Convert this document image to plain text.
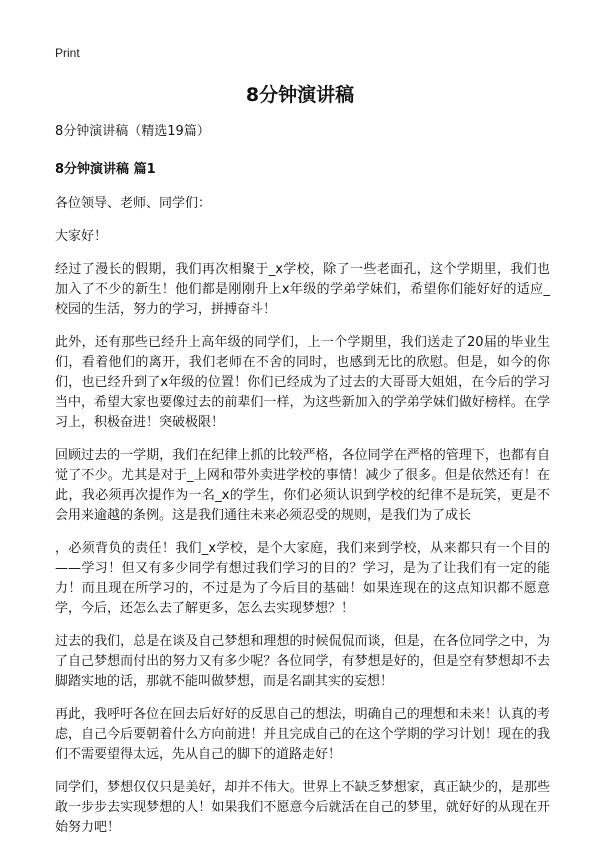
Print
8分钟演讲稿
8分钟演讲稿（精选19篇）
8分钟演讲稿 篇1

各位领导、老师、同学们：

大家好！

经过了漫长的假期，我们再次相聚于_x学校，除了一些老面孔，这个学期里，我们也加入了不少的新生！他们都是刚刚升上x年级的学弟学妹们，希望你们能好好的适应_校园的生活，努力的学习，拼搏奋斗！

此外，还有那些已经升上高年级的同学们，上一个学期里，我们送走了20届的毕业生们，看着他们的离开，我们老师在不舍的同时，也感到无比的欣慰。但是，如今的你们，也已经升到了x年级的位置！你们已经成为了过去的大哥哥大姐姐，在今后的学习当中，希望大家也要像过去的前辈们一样，为这些新加入的学弟学妹们做好榜样。在学习上，积极奋进！突破极限！

回顾过去的一学期，我们在纪律上抓的比较严格，各位同学在严格的管理下，也都有自觉了不少。尤其是对于_上网和带外卖进学校的事情！减少了很多。但是依然还有！在此，我必须再次提作为一名_x的学生，你们必须认识到学校的纪律不是玩笑，更是不会用来逾越的条例。这是我们通往未来必须忍受的规则，是我们为了成长

，必须背负的责任！我们_x学校，是个大家庭，我们来到学校，从来都只有一个目的——学习！但又有多少同学有想过我们学习的目的？学习，是为了让我们有一定的能力！而且现在所学习的，不过是为了今后目的基础！如果连现在的这点知识都不愿意学，今后，还怎么去了解更多，怎么去实现梦想？！

过去的我们，总是在谈及自己梦想和理想的时候侃侃而谈，但是，在各位同学之中，为了自己梦想而付出的努力又有多少呢？各位同学，有梦想是好的，但是空有梦想却不去脚踏实地的话，那就不能叫做梦想，而是名副其实的妄想！

再此，我呼吁各位在回去后好好的反思自己的想法，明确自己的理想和未来！认真的考虑，自己今后要朝着什么方向前进！并且完成自己的在这个学期的学习计划！现在的我们不需要望得太远，先从自己的脚下的道路走好！

同学们，梦想仅仅只是美好，却并不伟大。世界上不缺乏梦想家，真正缺少的，是那些敢一步步去实现梦想的人！如果我们不愿意今后就活在自己的梦里，就好好的从现在开始努力吧！
